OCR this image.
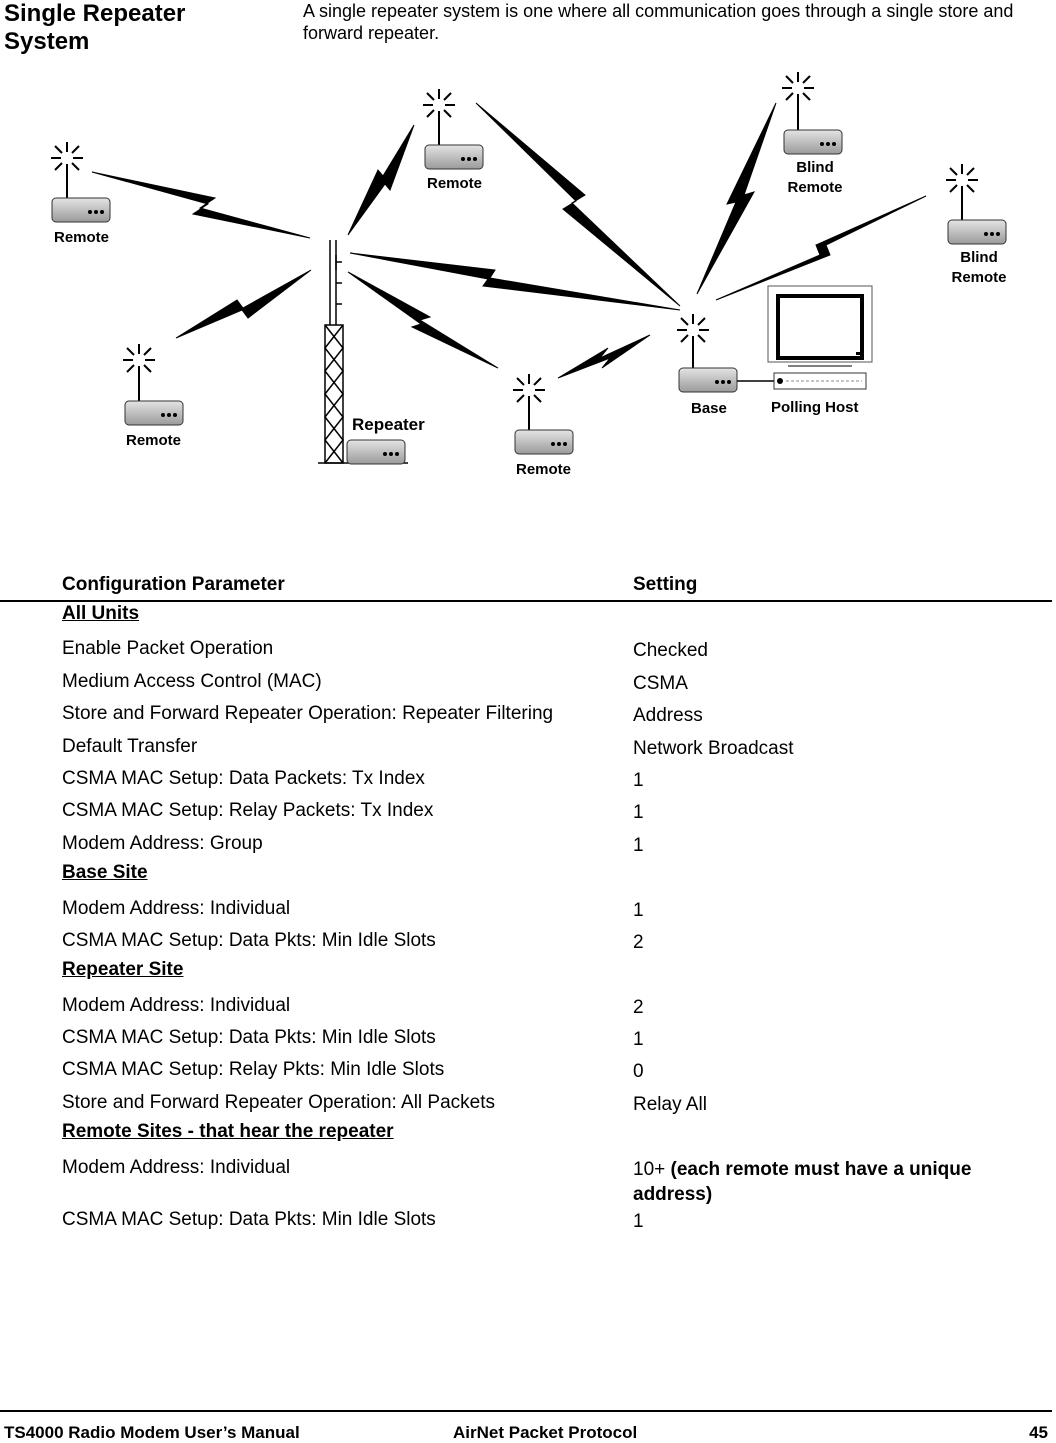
Single Repeater System
A single repeater system is one where all communication goes through a single store and forward repeater.
Repeater
Remote
Remote
Remote
Remote
Blind
Remote
Blind
Remote
Base	Polling Host
Configuration Parameter	Setting
All Units
Enable Packet Operation	Checked
Medium Access Control (MAC)	CSMA
Store and Forward Repeater Operation: Repeater Filtering	Address
Default Transfer	Network Broadcast
CSMA MAC Setup: Data Packets: Tx Index	1
CSMA MAC Setup: Relay Packets: Tx Index	1
Modem Address: Group	1
Base Site
Modem Address: Individual	1
CSMA MAC Setup: Data Pkts: Min Idle Slots	2
Repeater Site
Modem Address: Individual	2
CSMA MAC Setup: Data Pkts: Min Idle Slots	1
CSMA MAC Setup: Relay Pkts: Min Idle Slots	0
Store and Forward Repeater Operation: All Packets	Relay All
Remote Sites - that hear the repeater
Modem Address: Individual	10+ (each remote must have a unique address)
CSMA MAC Setup: Data Pkts: Min Idle Slots	1
TS4000 Radio Modem User’s Manual	AirNet Packet Protocol	45
